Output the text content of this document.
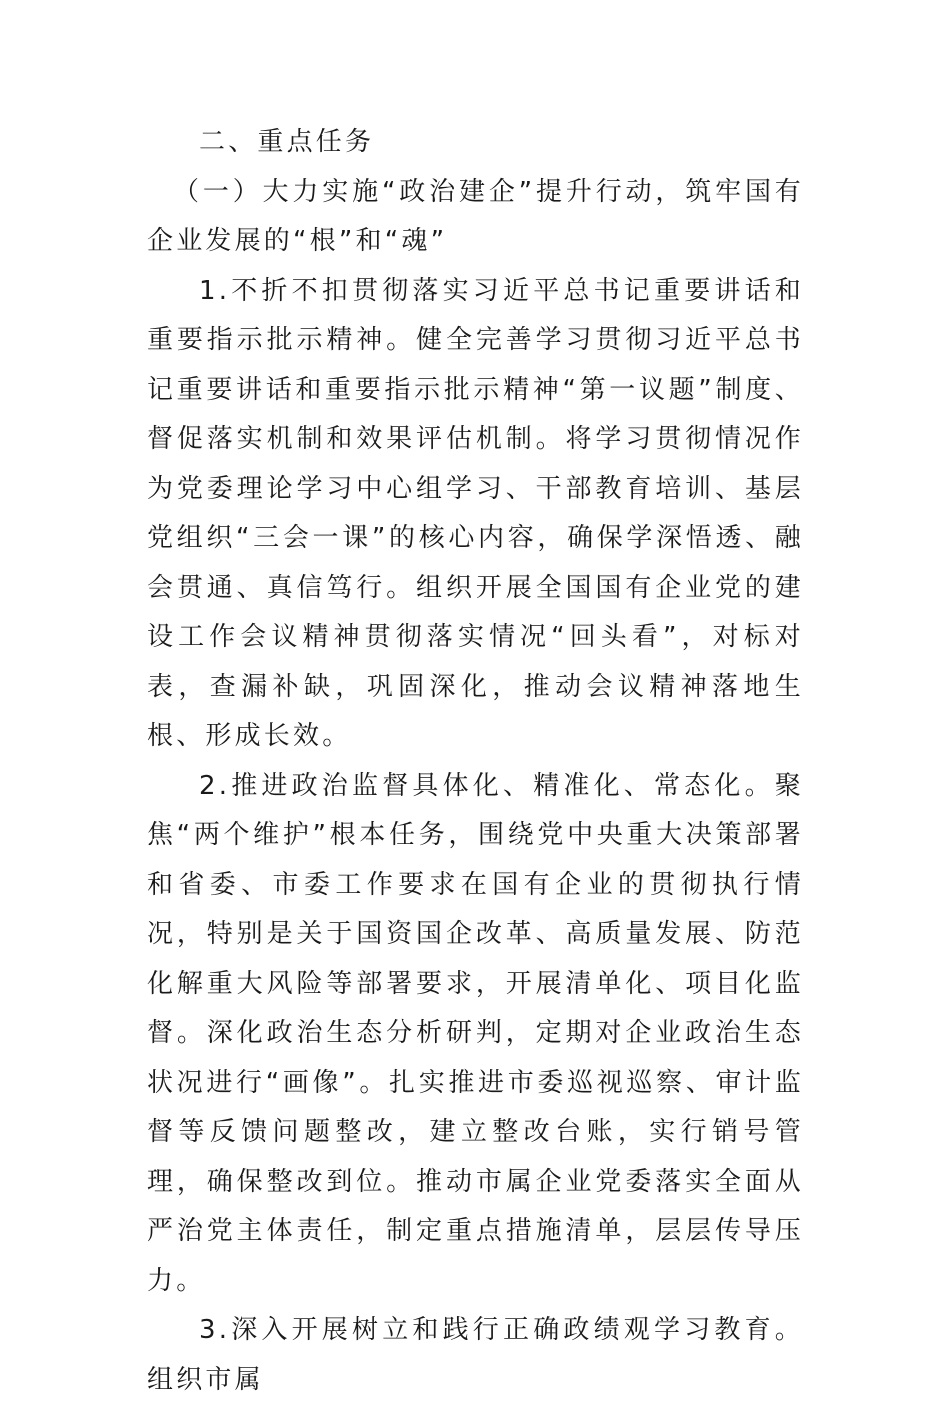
二、重点任务

（一）大力实施“政治建企”提升行动，筑牢国有企业发展的“根”和“魂”

1.不折不扣贯彻落实习近平总书记重要讲话和重要指示批示精神。健全完善学习贯彻习近平总书记重要讲话和重要指示批示精神“第一议题”制度、督促落实机制和效果评估机制。将学习贯彻情况作为党委理论学习中心组学习、干部教育培训、基层党组织“三会一课”的核心内容，确保学深悟透、融会贯通、真信笃行。组织开展全国国有企业党的建设工作会议精神贯彻落实情况“回头看”，对标对表，查漏补缺，巩固深化，推动会议精神落地生根、形成长效。

2.推进政治监督具体化、精准化、常态化。聚焦“两个维护”根本任务，围绕党中央重大决策部署和省委、市委工作要求在国有企业的贯彻执行情况，特别是关于国资国企改革、高质量发展、防范化解重大风险等部署要求，开展清单化、项目化监督。深化政治生态分析研判，定期对企业政治生态状况进行“画像”。扎实推进市委巡视巡察、审计监督等反馈问题整改，建立整改台账，实行销号管理，确保整改到位。推动市属企业党委落实全面从严治党主体责任，制定重点措施清单，层层传导压力。

3.深入开展树立和践行正确政绩观学习教育。组织市属
